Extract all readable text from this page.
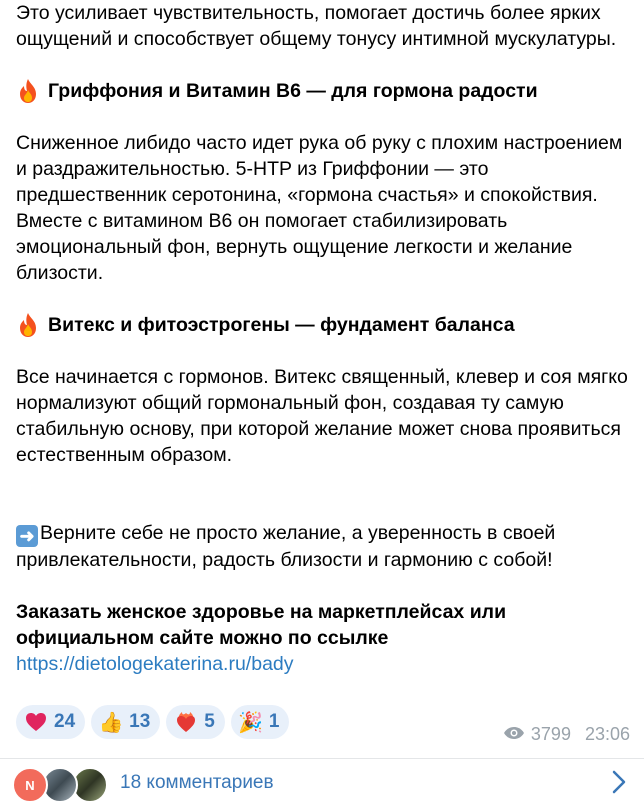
Это усиливает чувствительность, помогает достичь более ярких ощущений и способствует общему тонусу интимной мускулатуры.

Гриффония и Витамин B6 — для гормона радости

Сниженное либидо часто идет рука об руку с плохим настроением и раздражительностью. 5-HTP из Гриффонии — это предшественник серотонина, «гормона счастья» и спокойствия. Вместе с витамином B6 он помогает стабилизировать эмоциональный фон, вернуть ощущение легкости и желание близости.

Витекс и фитоэстрогены — фундамент баланса

Все начинается с гормонов. Витекс священный, клевер и соя мягко нормализуют общий гормональный фон, создавая ту самую стабильную основу, при которой желание может снова проявиться естественным образом.

➜ Верните себе не просто желание, а уверенность в своей привлекательности, радость близости и гармонию с собой!

Заказать женское здоровье на маркетплейсах или официальном сайте можно по ссылке

https://dietologekaterina.ru/bady
24 👍 13	5 🎉 1
3799 23:06
N	18 комментариев
